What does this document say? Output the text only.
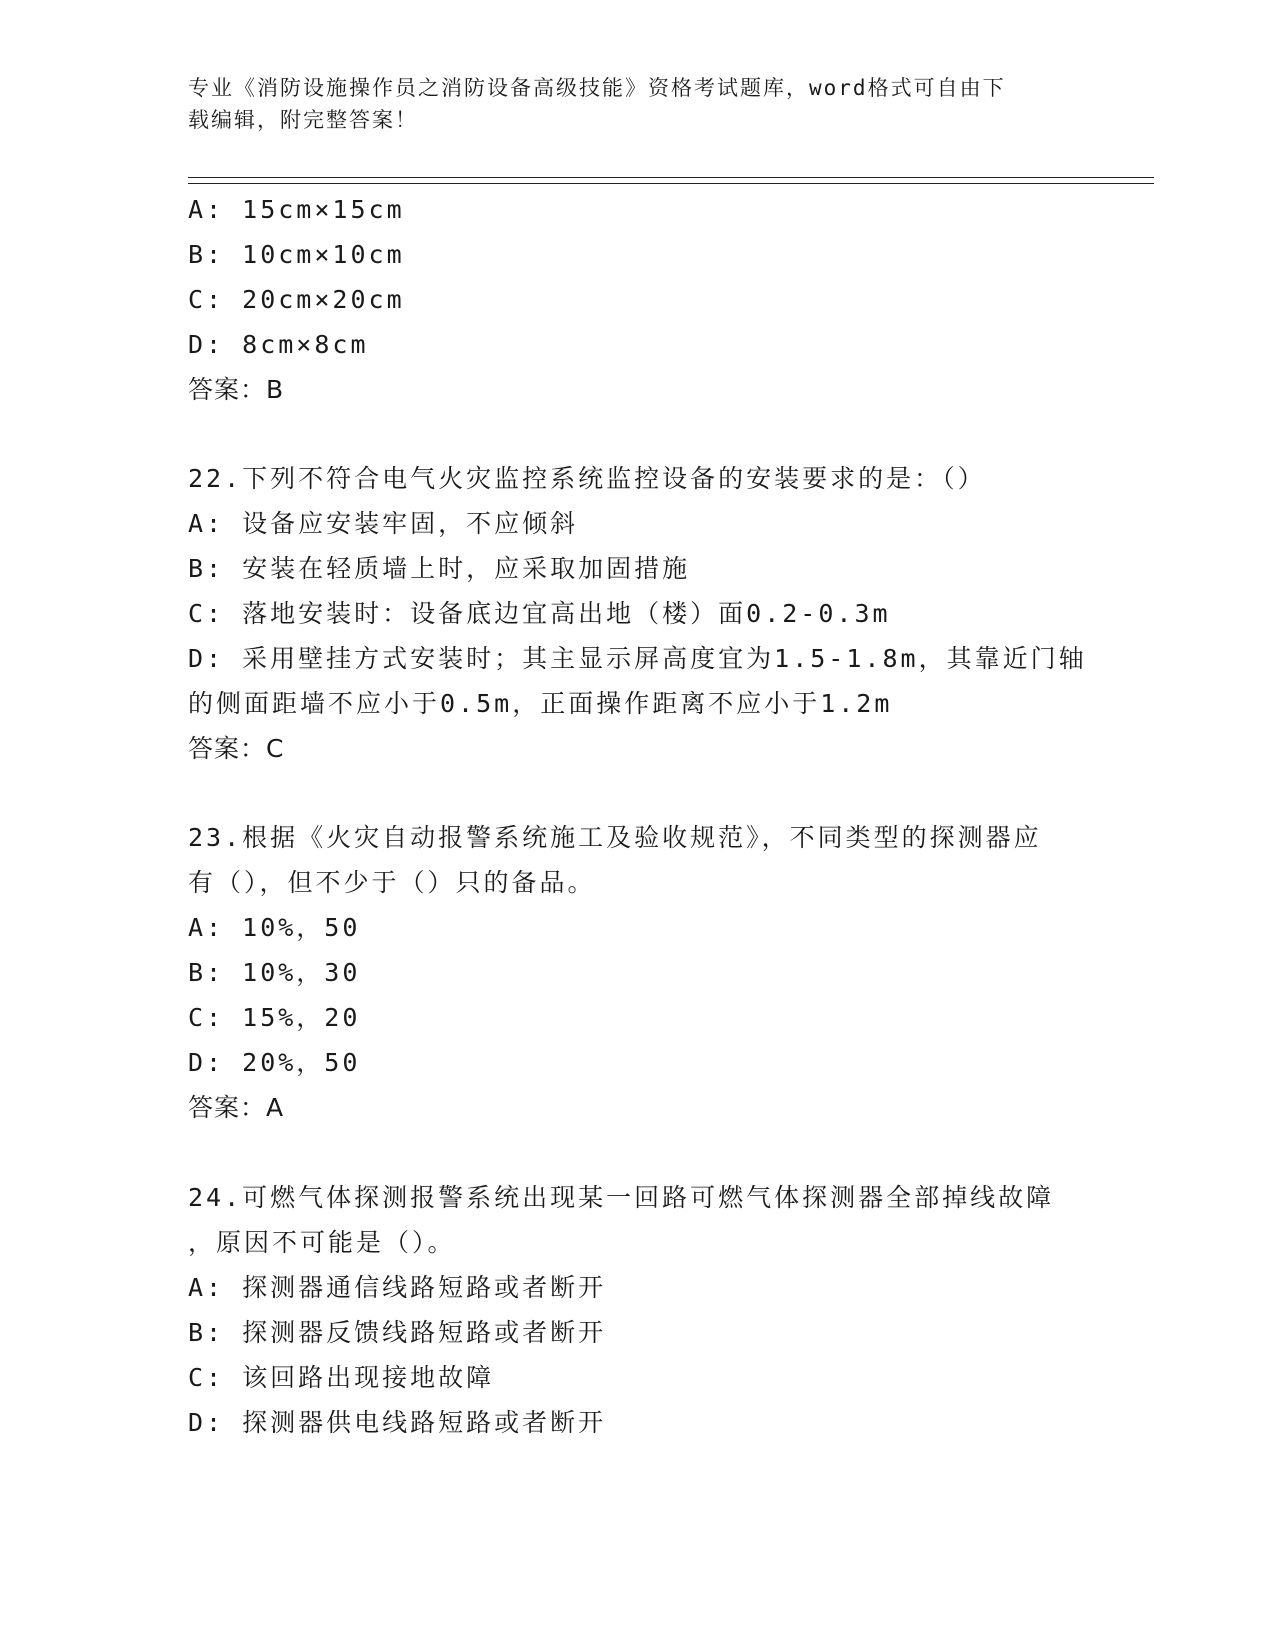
专业《消防设施操作员之消防设备高级技能》资格考试题库，word格式可自由下
载编辑，附完整答案！
A: 15cm×15cm
B: 10cm×10cm
C: 20cm×20cm
D: 8cm×8cm
答案：B
22.下列不符合电气火灾监控系统监控设备的安装要求的是：（）
A: 设备应安装牢固，不应倾斜
B: 安装在轻质墙上时，应采取加固措施
C: 落地安装时：设备底边宜高出地（楼）面0.2-0.3m
D: 采用壁挂方式安装时；其主显示屏高度宜为1.5-1.8m，其靠近门轴
的侧面距墙不应小于0.5m，正面操作距离不应小于1.2m
答案：C
23.根据《火灾自动报警系统施工及验收规范》，不同类型的探测器应
有（），但不少于（）只的备品。
A: 10%，50
B: 10%，30
C: 15%，20
D: 20%，50
答案：A
24.可燃气体探测报警系统出现某一回路可燃气体探测器全部掉线故障
，原因不可能是（）。
A: 探测器通信线路短路或者断开
B: 探测器反馈线路短路或者断开
C: 该回路出现接地故障
D: 探测器供电线路短路或者断开
